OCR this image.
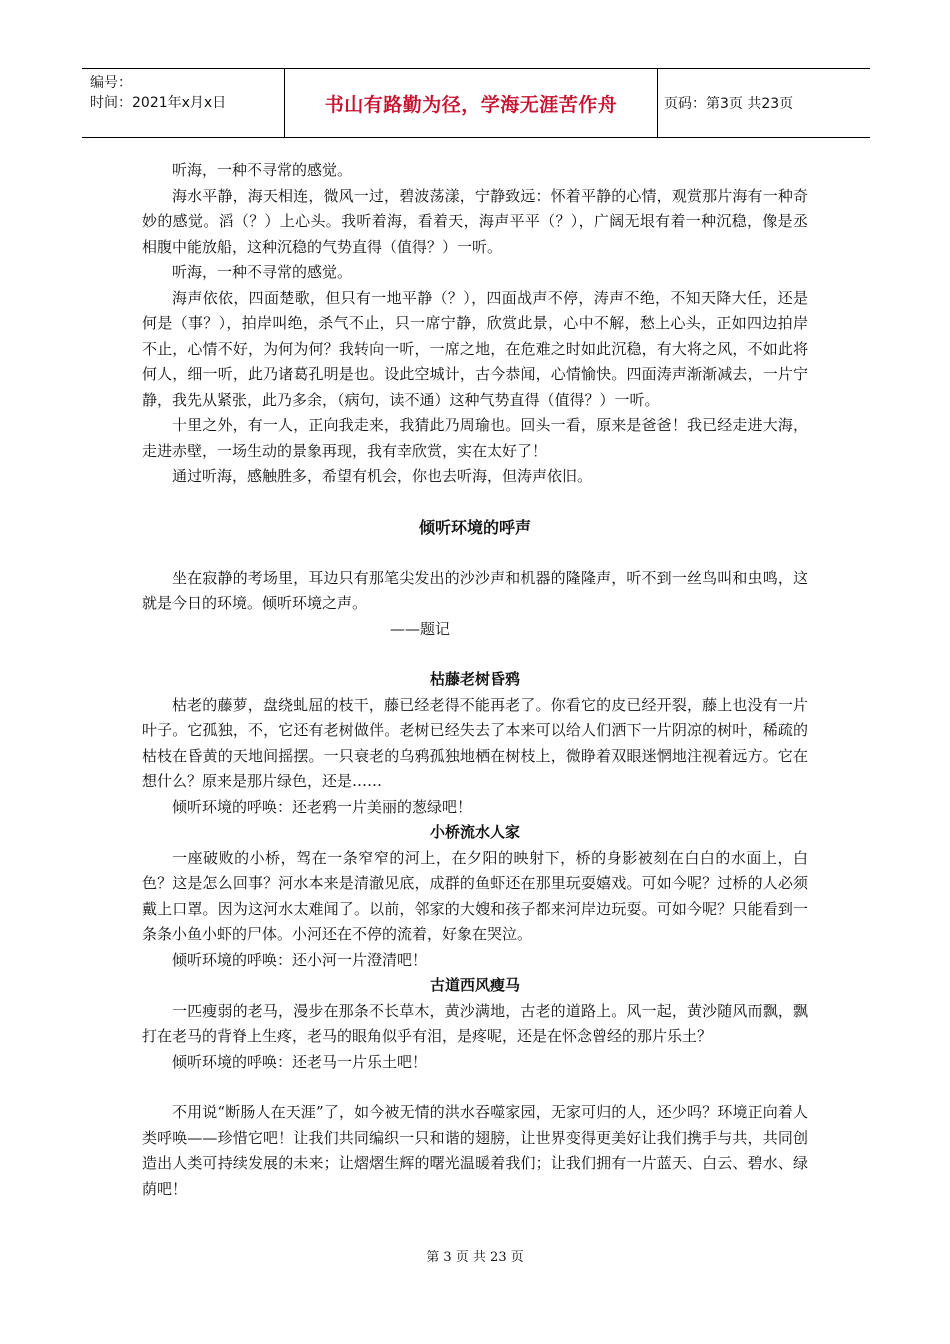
编号：
时间：2021年x月x日	书山有路勤为径，学海无涯苦作舟	页码：第3页 共23页

听海，一种不寻常的感觉。

海水平静，海天相连，微风一过，碧波荡漾，宁静致远：怀着平静的心情，观赏那片海有一种奇妙的感觉。滔（？）上心头。我听着海，看着天，海声平平（？），广阔无垠有着一种沉稳，像是丞相腹中能放船，这种沉稳的气势直得（值得？）一听。

听海，一种不寻常的感觉。

海声依依，四面楚歌，但只有一地平静（？），四面战声不停，涛声不绝，不知天降大任，还是何是（事？），拍岸叫绝，杀气不止，只一席宁静，欣赏此景，心中不解，愁上心头，正如四边拍岸不止，心情不好，为何为何？我转向一听，一席之地，在危难之时如此沉稳，有大将之风，不如此将何人，细一听，此乃诸葛孔明是也。设此空城计，古今恭闻，心情愉快。四面涛声渐渐减去，一片宁静，我先从紧张，此乃多余，（病句，读不通）这种气势直得（值得？）一听。

十里之外，有一人，正向我走来，我猜此乃周瑜也。回头一看，原来是爸爸！我已经走进大海，走进赤壁，一场生动的景象再现，我有幸欣赏，实在太好了！

通过听海，感触胜多，希望有机会，你也去听海，但涛声依旧。

倾听环境的呼声

坐在寂静的考场里，耳边只有那笔尖发出的沙沙声和机器的隆隆声，听不到一丝鸟叫和虫鸣，这就是今日的环境。倾听环境之声。

——题记

枯藤老树昏鸦

枯老的藤萝，盘绕虬屈的枝干，藤已经老得不能再老了。你看它的皮已经开裂，藤上也没有一片叶子。它孤独，不，它还有老树做伴。老树已经失去了本来可以给人们洒下一片阴凉的树叶，稀疏的枯枝在昏黄的天地间摇摆。一只衰老的乌鸦孤独地栖在树枝上，微睁着双眼迷惘地注视着远方。它在想什么？原来是那片绿色，还是……

倾听环境的呼唤：还老鸦一片美丽的葱绿吧！

小桥流水人家

一座破败的小桥，驾在一条窄窄的河上，在夕阳的映射下，桥的身影被刻在白白的水面上，白色？这是怎么回事？河水本来是清澈见底，成群的鱼虾还在那里玩耍嬉戏。可如今呢？过桥的人必须戴上口罩。因为这河水太难闻了。以前，邻家的大嫂和孩子都来河岸边玩耍。可如今呢？只能看到一条条小鱼小虾的尸体。小河还在不停的流着，好象在哭泣。

倾听环境的呼唤：还小河一片澄清吧！

古道西风瘦马

一匹瘦弱的老马，漫步在那条不长草木，黄沙满地，古老的道路上。风一起，黄沙随风而飘，飘打在老马的背脊上生疼，老马的眼角似乎有泪，是疼呢，还是在怀念曾经的那片乐土？

倾听环境的呼唤：还老马一片乐土吧！

不用说“断肠人在天涯”了，如今被无情的洪水吞噬家园，无家可归的人，还少吗？环境正向着人类呼唤——珍惜它吧！让我们共同编织一只和谐的翅膀，让世界变得更美好让我们携手与共，共同创造出人类可持续发展的未来；让熠熠生辉的曙光温暖着我们；让我们拥有一片蓝天、白云、碧水、绿荫吧！

第 3 页 共 23 页
